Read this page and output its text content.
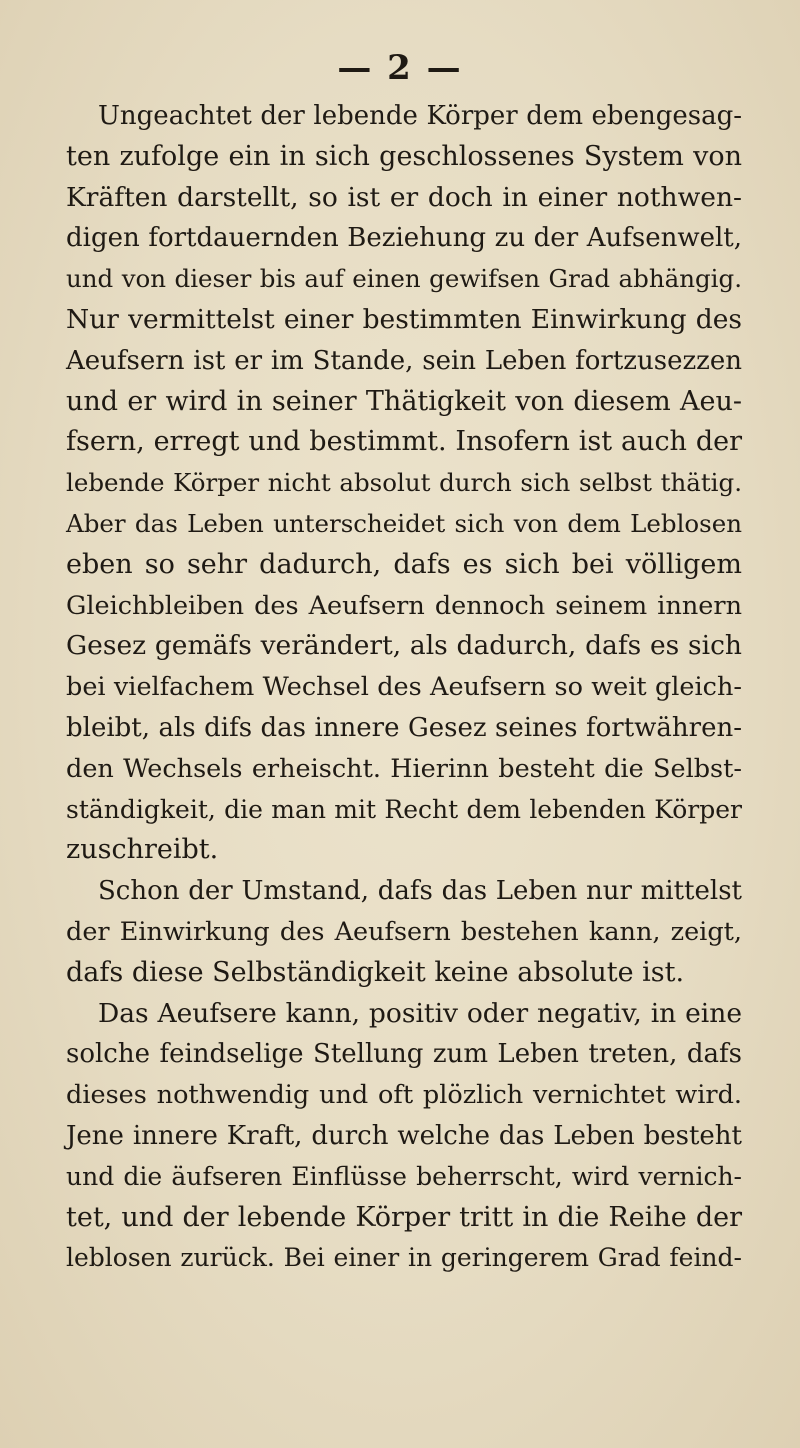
— 2 —
Ungeachtet der lebende Körper dem ebengesag-
ten zufolge ein in sich geschlossenes System von
Kräften darstellt, so ist er doch in einer nothwen-
digen fortdauernden Beziehung zu der Aufsenwelt,
und von dieser bis auf einen gewifsen Grad abhängig.
Nur vermittelst einer bestimmten Einwirkung des
Aeufsern ist er im Stande, sein Leben fortzusezzen
und er wird in seiner Thätigkeit von diesem Aeu-
fsern, erregt und bestimmt. Insofern ist auch der
lebende Körper nicht absolut durch sich selbst thätig.
Aber das Leben unterscheidet sich von dem Leblosen
eben so sehr dadurch, dafs es sich bei völligem
Gleichbleiben des Aeufsern dennoch seinem innern
Gesez gemäfs verändert, als dadurch, dafs es sich
bei vielfachem Wechsel des Aeufsern so weit gleich-
bleibt, als difs das innere Gesez seines fortwähren-
den Wechsels erheischt. Hierinn besteht die Selbst-
ständigkeit, die man mit Recht dem lebenden Körper
zuschreibt.
Schon der Umstand, dafs das Leben nur mittelst
der Einwirkung des Aeufsern bestehen kann, zeigt,
dafs diese Selbständigkeit keine absolute ist.
Das Aeufsere kann, positiv oder negativ, in eine
solche feindselige Stellung zum Leben treten, dafs
dieses nothwendig und oft plözlich vernichtet wird.
Jene innere Kraft, durch welche das Leben besteht
und die äufseren Einflüsse beherrscht, wird vernich-
tet, und der lebende Körper tritt in die Reihe der
leblosen zurück. Bei einer in geringerem Grad feind-
